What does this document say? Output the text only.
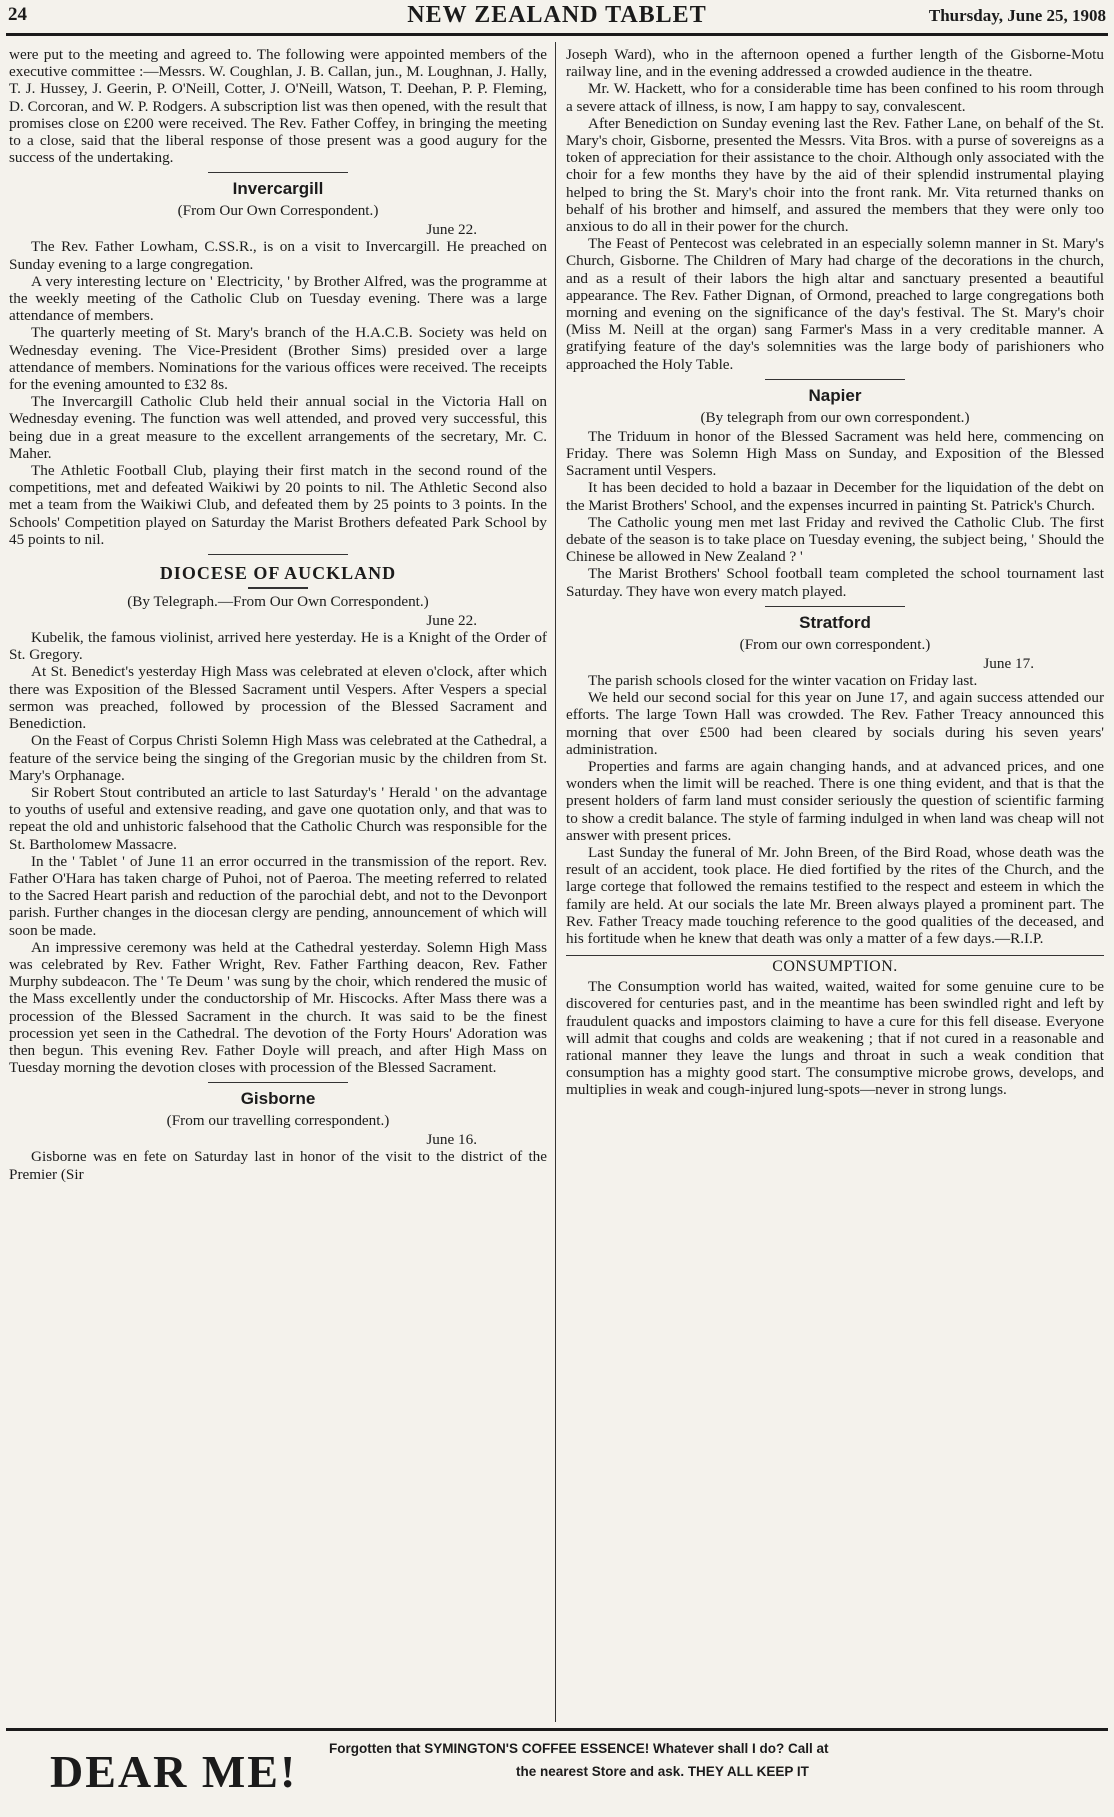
24	NEW ZEALAND TABLET	Thursday, June 25, 1908

were put to the meeting and agreed to. The following were appointed members of the executive committee :—Messrs. W. Coughlan, J. B. Callan, jun., M. Loughnan, J. Hally, T. J. Hussey, J. Geerin, P. O'Neill, Cotter, J. O'Neill, Watson, T. Deehan, P. P. Fleming, D. Corcoran, and W. P. Rodgers. A subscription list was then opened, with the result that promises close on £200 were received. The Rev. Father Coffey, in bringing the meeting to a close, said that the liberal response of those present was a good augury for the success of the undertaking.

Invercargill
(From Our Own Correspondent.)
June 22.

The Rev. Father Lowham, C.SS.R., is on a visit to Invercargill. He preached on Sunday evening to a large congregation.

A very interesting lecture on ' Electricity, ' by Brother Alfred, was the programme at the weekly meeting of the Catholic Club on Tuesday evening. There was a large attendance of members.

The quarterly meeting of St. Mary's branch of the H.A.C.B. Society was held on Wednesday evening. The Vice-President (Brother Sims) presided over a large attendance of members. Nominations for the various offices were received. The receipts for the evening amounted to £32 8s.

The Invercargill Catholic Club held their annual social in the Victoria Hall on Wednesday evening. The function was well attended, and proved very successful, this being due in a great measure to the excellent arrangements of the secretary, Mr. C. Maher.

The Athletic Football Club, playing their first match in the second round of the competitions, met and defeated Waikiwi by 20 points to nil. The Athletic Second also met a team from the Waikiwi Club, and defeated them by 25 points to 3 points. In the Schools' Competition played on Saturday the Marist Brothers defeated Park School by 45 points to nil.

DIOCESE OF AUCKLAND
(By Telegraph.—From Our Own Correspondent.)
June 22.

Kubelik, the famous violinist, arrived here yesterday. He is a Knight of the Order of St. Gregory.

At St. Benedict's yesterday High Mass was celebrated at eleven o'clock, after which there was Exposition of the Blessed Sacrament until Vespers. After Vespers a special sermon was preached, followed by procession of the Blessed Sacrament and Benediction.

On the Feast of Corpus Christi Solemn High Mass was celebrated at the Cathedral, a feature of the service being the singing of the Gregorian music by the children from St. Mary's Orphanage.

Sir Robert Stout contributed an article to last Saturday's ' Herald ' on the advantage to youths of useful and extensive reading, and gave one quotation only, and that was to repeat the old and unhistoric falsehood that the Catholic Church was responsible for the St. Bartholomew Massacre.

In the ' Tablet ' of June 11 an error occurred in the transmission of the report. Rev. Father O'Hara has taken charge of Puhoi, not of Paeroa. The meeting referred to related to the Sacred Heart parish and reduction of the parochial debt, and not to the Devonport parish. Further changes in the diocesan clergy are pending, announcement of which will soon be made.

An impressive ceremony was held at the Cathedral yesterday. Solemn High Mass was celebrated by Rev. Father Wright, Rev. Father Farthing deacon, Rev. Father Murphy subdeacon. The ' Te Deum ' was sung by the choir, which rendered the music of the Mass excellently under the conductorship of Mr. Hiscocks. After Mass there was a procession of the Blessed Sacrament in the church. It was said to be the finest procession yet seen in the Cathedral. The devotion of the Forty Hours' Adoration was then begun. This evening Rev. Father Doyle will preach, and after High Mass on Tuesday morning the devotion closes with procession of the Blessed Sacrament.

Gisborne
(From our travelling correspondent.)
June 16.

Gisborne was en fete on Saturday last in honor of the visit to the district of the Premier (Sir

Joseph Ward), who in the afternoon opened a further length of the Gisborne-Motu railway line, and in the evening addressed a crowded audience in the theatre.

Mr. W. Hackett, who for a considerable time has been confined to his room through a severe attack of illness, is now, I am happy to say, convalescent.

After Benediction on Sunday evening last the Rev. Father Lane, on behalf of the St. Mary's choir, Gisborne, presented the Messrs. Vita Bros. with a purse of sovereigns as a token of appreciation for their assistance to the choir. Although only associated with the choir for a few months they have by the aid of their splendid instrumental playing helped to bring the St. Mary's choir into the front rank. Mr. Vita returned thanks on behalf of his brother and himself, and assured the members that they were only too anxious to do all in their power for the church.

The Feast of Pentecost was celebrated in an especially solemn manner in St. Mary's Church, Gisborne. The Children of Mary had charge of the decorations in the church, and as a result of their labors the high altar and sanctuary presented a beautiful appearance. The Rev. Father Dignan, of Ormond, preached to large congregations both morning and evening on the significance of the day's festival. The St. Mary's choir (Miss M. Neill at the organ) sang Farmer's Mass in a very creditable manner. A gratifying feature of the day's solemnities was the large body of parishioners who approached the Holy Table.

Napier
(By telegraph from our own correspondent.)

The Triduum in honor of the Blessed Sacrament was held here, commencing on Friday. There was Solemn High Mass on Sunday, and Exposition of the Blessed Sacrament until Vespers.

It has been decided to hold a bazaar in December for the liquidation of the debt on the Marist Brothers' School, and the expenses incurred in painting St. Patrick's Church.

The Catholic young men met last Friday and revived the Catholic Club. The first debate of the season is to take place on Tuesday evening, the subject being, ' Should the Chinese be allowed in New Zealand ? '

The Marist Brothers' School football team completed the school tournament last Saturday. They have won every match played.

Stratford
(From our own correspondent.)
June 17.

The parish schools closed for the winter vacation on Friday last.

We held our second social for this year on June 17, and again success attended our efforts. The large Town Hall was crowded. The Rev. Father Treacy announced this morning that over £500 had been cleared by socials during his seven years' administration.

Properties and farms are again changing hands, and at advanced prices, and one wonders when the limit will be reached. There is one thing evident, and that is that the present holders of farm land must consider seriously the question of scientific farming to show a credit balance. The style of farming indulged in when land was cheap will not answer with present prices.

Last Sunday the funeral of Mr. John Breen, of the Bird Road, whose death was the result of an accident, took place. He died fortified by the rites of the Church, and the large cortege that followed the remains testified to the respect and esteem in which the family are held. At our socials the late Mr. Breen always played a prominent part. The Rev. Father Treacy made touching reference to the good qualities of the deceased, and his fortitude when he knew that death was only a matter of a few days.—R.I.P.

CONSUMPTION.

The Consumption world has waited, waited, waited for some genuine cure to be discovered for centuries past, and in the meantime has been swindled right and left by fraudulent quacks and impostors claiming to have a cure for this fell disease. Everyone will admit that coughs and colds are weakening ; that if not cured in a reasonable and rational manner they leave the lungs and throat in such a weak condition that consumption has a mighty good start. The consumptive microbe grows, develops, and multiplies in weak and cough-injured lung-spots—never in strong lungs.

DEAR ME! Forgotten that SYMINGTON'S COFFEE ESSENCE! Whatever shall I do? Call at
the nearest Store and ask. THEY ALL KEEP IT
